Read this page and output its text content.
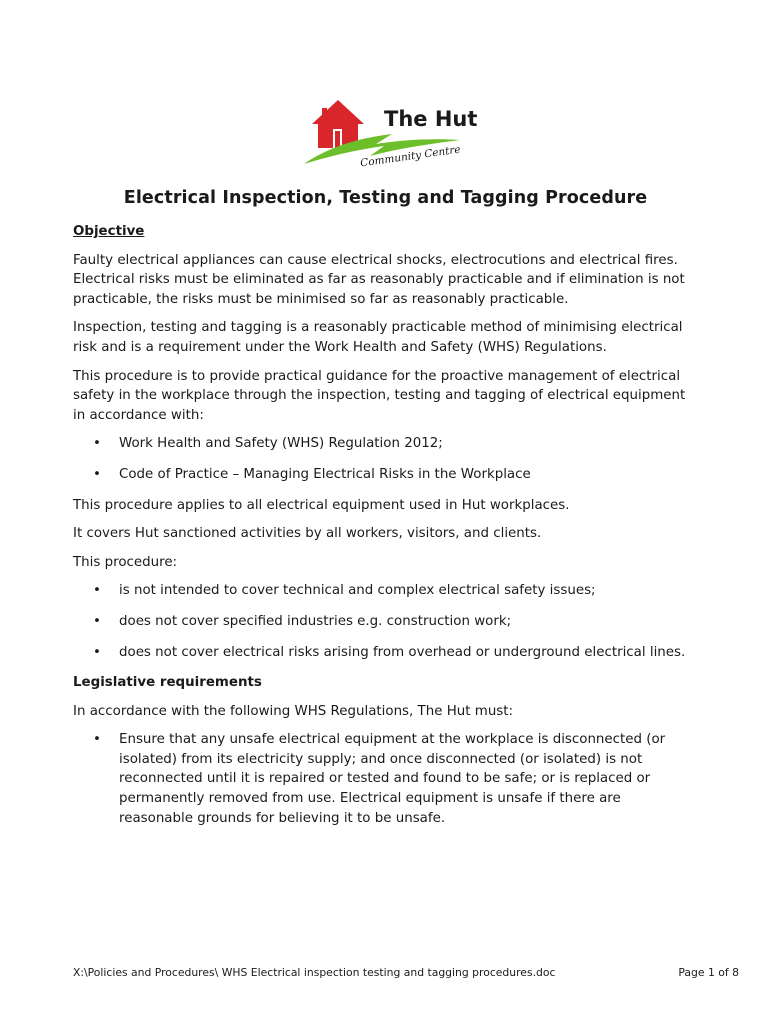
The Hut
Community Centre
Electrical Inspection, Testing and Tagging Procedure
Objective

Faulty electrical appliances can cause electrical shocks, electrocutions and electrical fires. Electrical risks must be eliminated as far as reasonably practicable and if elimination is not practicable, the risks must be minimised so far as reasonably practicable.

Inspection, testing and tagging is a reasonably practicable method of minimising electrical risk and is a requirement under the Work Health and Safety (WHS) Regulations.

This procedure is to provide practical guidance for the proactive management of electrical safety in the workplace through the inspection, testing and tagging of electrical equipment in accordance with:

• Work Health and Safety (WHS) Regulation 2012;
• Code of Practice – Managing Electrical Risks in the Workplace

This procedure applies to all electrical equipment used in Hut workplaces.

It covers Hut sanctioned activities by all workers, visitors, and clients.

This procedure:

• is not intended to cover technical and complex electrical safety issues;
• does not cover specified industries e.g. construction work;
• does not cover electrical risks arising from overhead or underground electrical lines.
Legislative requirements

In accordance with the following WHS Regulations, The Hut must:

• Ensure that any unsafe electrical equipment at the workplace is disconnected (or isolated) from its electricity supply; and once disconnected (or isolated) is not reconnected until it is repaired or tested and found to be safe; or is replaced or permanently removed from use. Electrical equipment is unsafe if there are reasonable grounds for believing it to be unsafe.
X:\Policies and Procedures\ WHS Electrical inspection testing and tagging procedures.doc	Page 1 of 8
